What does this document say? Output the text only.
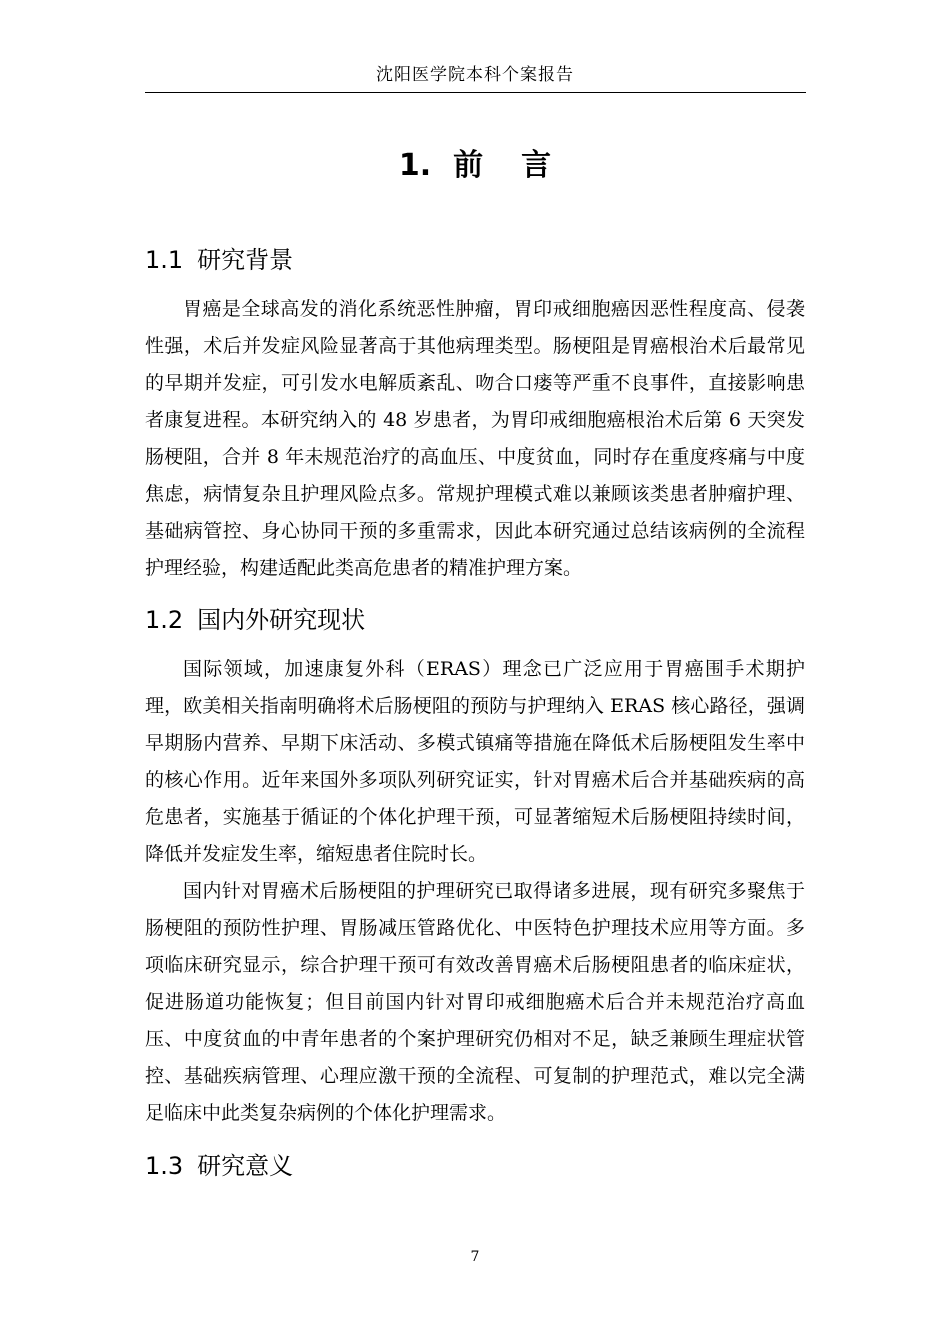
沈阳医学院本科个案报告
1. 前言
1.1 研究背景

胃癌是全球高发的消化系统恶性肿瘤，胃印戒细胞癌因恶性程度高、侵袭性强，术后并发症风险显著高于其他病理类型。肠梗阻是胃癌根治术后最常见的早期并发症，可引发水电解质紊乱、吻合口瘘等严重不良事件，直接影响患者康复进程。本研究纳入的 48 岁患者，为胃印戒细胞癌根治术后第 6 天突发肠梗阻，合并 8 年未规范治疗的高血压、中度贫血，同时存在重度疼痛与中度焦虑，病情复杂且护理风险点多。常规护理模式难以兼顾该类患者肿瘤护理、基础病管控、身心协同干预的多重需求，因此本研究通过总结该病例的全流程护理经验，构建适配此类高危患者的精准护理方案。

1.2 国内外研究现状

国际领域，加速康复外科（ERAS）理念已广泛应用于胃癌围手术期护理，欧美相关指南明确将术后肠梗阻的预防与护理纳入 ERAS 核心路径，强调早期肠内营养、早期下床活动、多模式镇痛等措施在降低术后肠梗阻发生率中的核心作用。近年来国外多项队列研究证实，针对胃癌术后合并基础疾病的高危患者，实施基于循证的个体化护理干预，可显著缩短术后肠梗阻持续时间，降低并发症发生率，缩短患者住院时长。

国内针对胃癌术后肠梗阻的护理研究已取得诸多进展，现有研究多聚焦于肠梗阻的预防性护理、胃肠减压管路优化、中医特色护理技术应用等方面。多项临床研究显示，综合护理干预可有效改善胃癌术后肠梗阻患者的临床症状，促进肠道功能恢复；但目前国内针对胃印戒细胞癌术后合并未规范治疗高血压、中度贫血的中青年患者的个案护理研究仍相对不足，缺乏兼顾生理症状管控、基础疾病管理、心理应激干预的全流程、可复制的护理范式，难以完全满足临床中此类复杂病例的个体化护理需求。

1.3 研究意义
7
